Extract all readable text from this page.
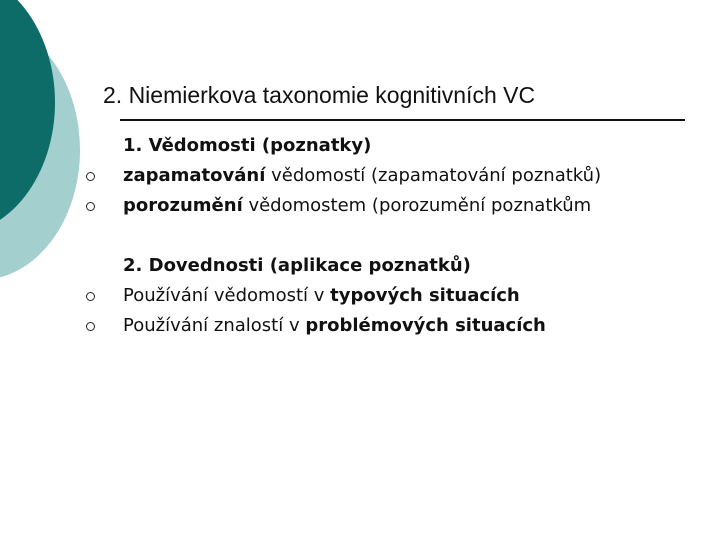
2. Niemierkova taxonomie kognitivních VC
1. Vědomosti (poznatky)
zapamatování vědomostí (zapamatování poznatků)
porozumění vědomostem (porozumění poznatkům
2. Dovednosti (aplikace poznatků)
Používání vědomostí v typových situacích
Používání znalostí v problémových situacích
